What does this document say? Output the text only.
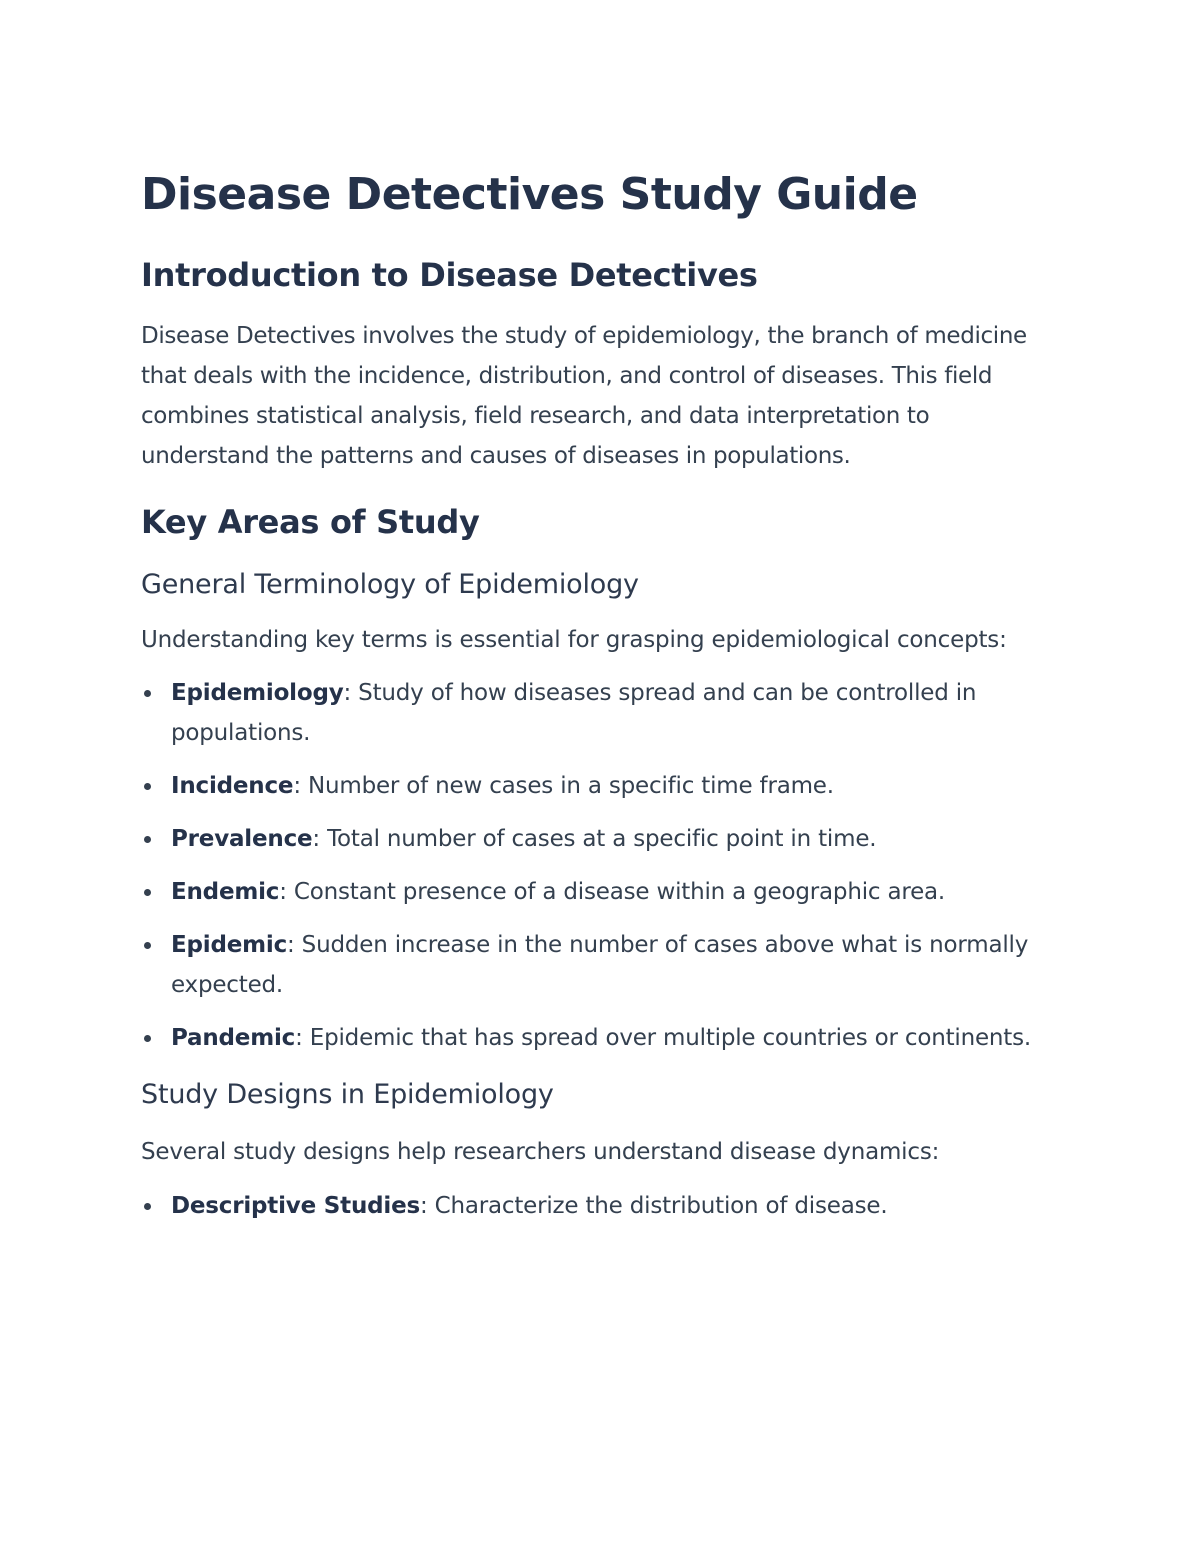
Disease Detectives Study Guide
Introduction to Disease Detectives

Disease Detectives involves the study of epidemiology, the branch of medicine that deals with the incidence, distribution, and control of diseases. This field combines statistical analysis, field research, and data interpretation to understand the patterns and causes of diseases in populations.

Key Areas of Study
General Terminology of Epidemiology

Understanding key terms is essential for grasping epidemiological concepts:

Epidemiology: Study of how diseases spread and can be controlled in populations.
Incidence: Number of new cases in a specific time frame.
Prevalence: Total number of cases at a specific point in time.
Endemic: Constant presence of a disease within a geographic area.
Epidemic: Sudden increase in the number of cases above what is normally expected.
Pandemic: Epidemic that has spread over multiple countries or continents.
Study Designs in Epidemiology

Several study designs help researchers understand disease dynamics:

Descriptive Studies: Characterize the distribution of disease.
